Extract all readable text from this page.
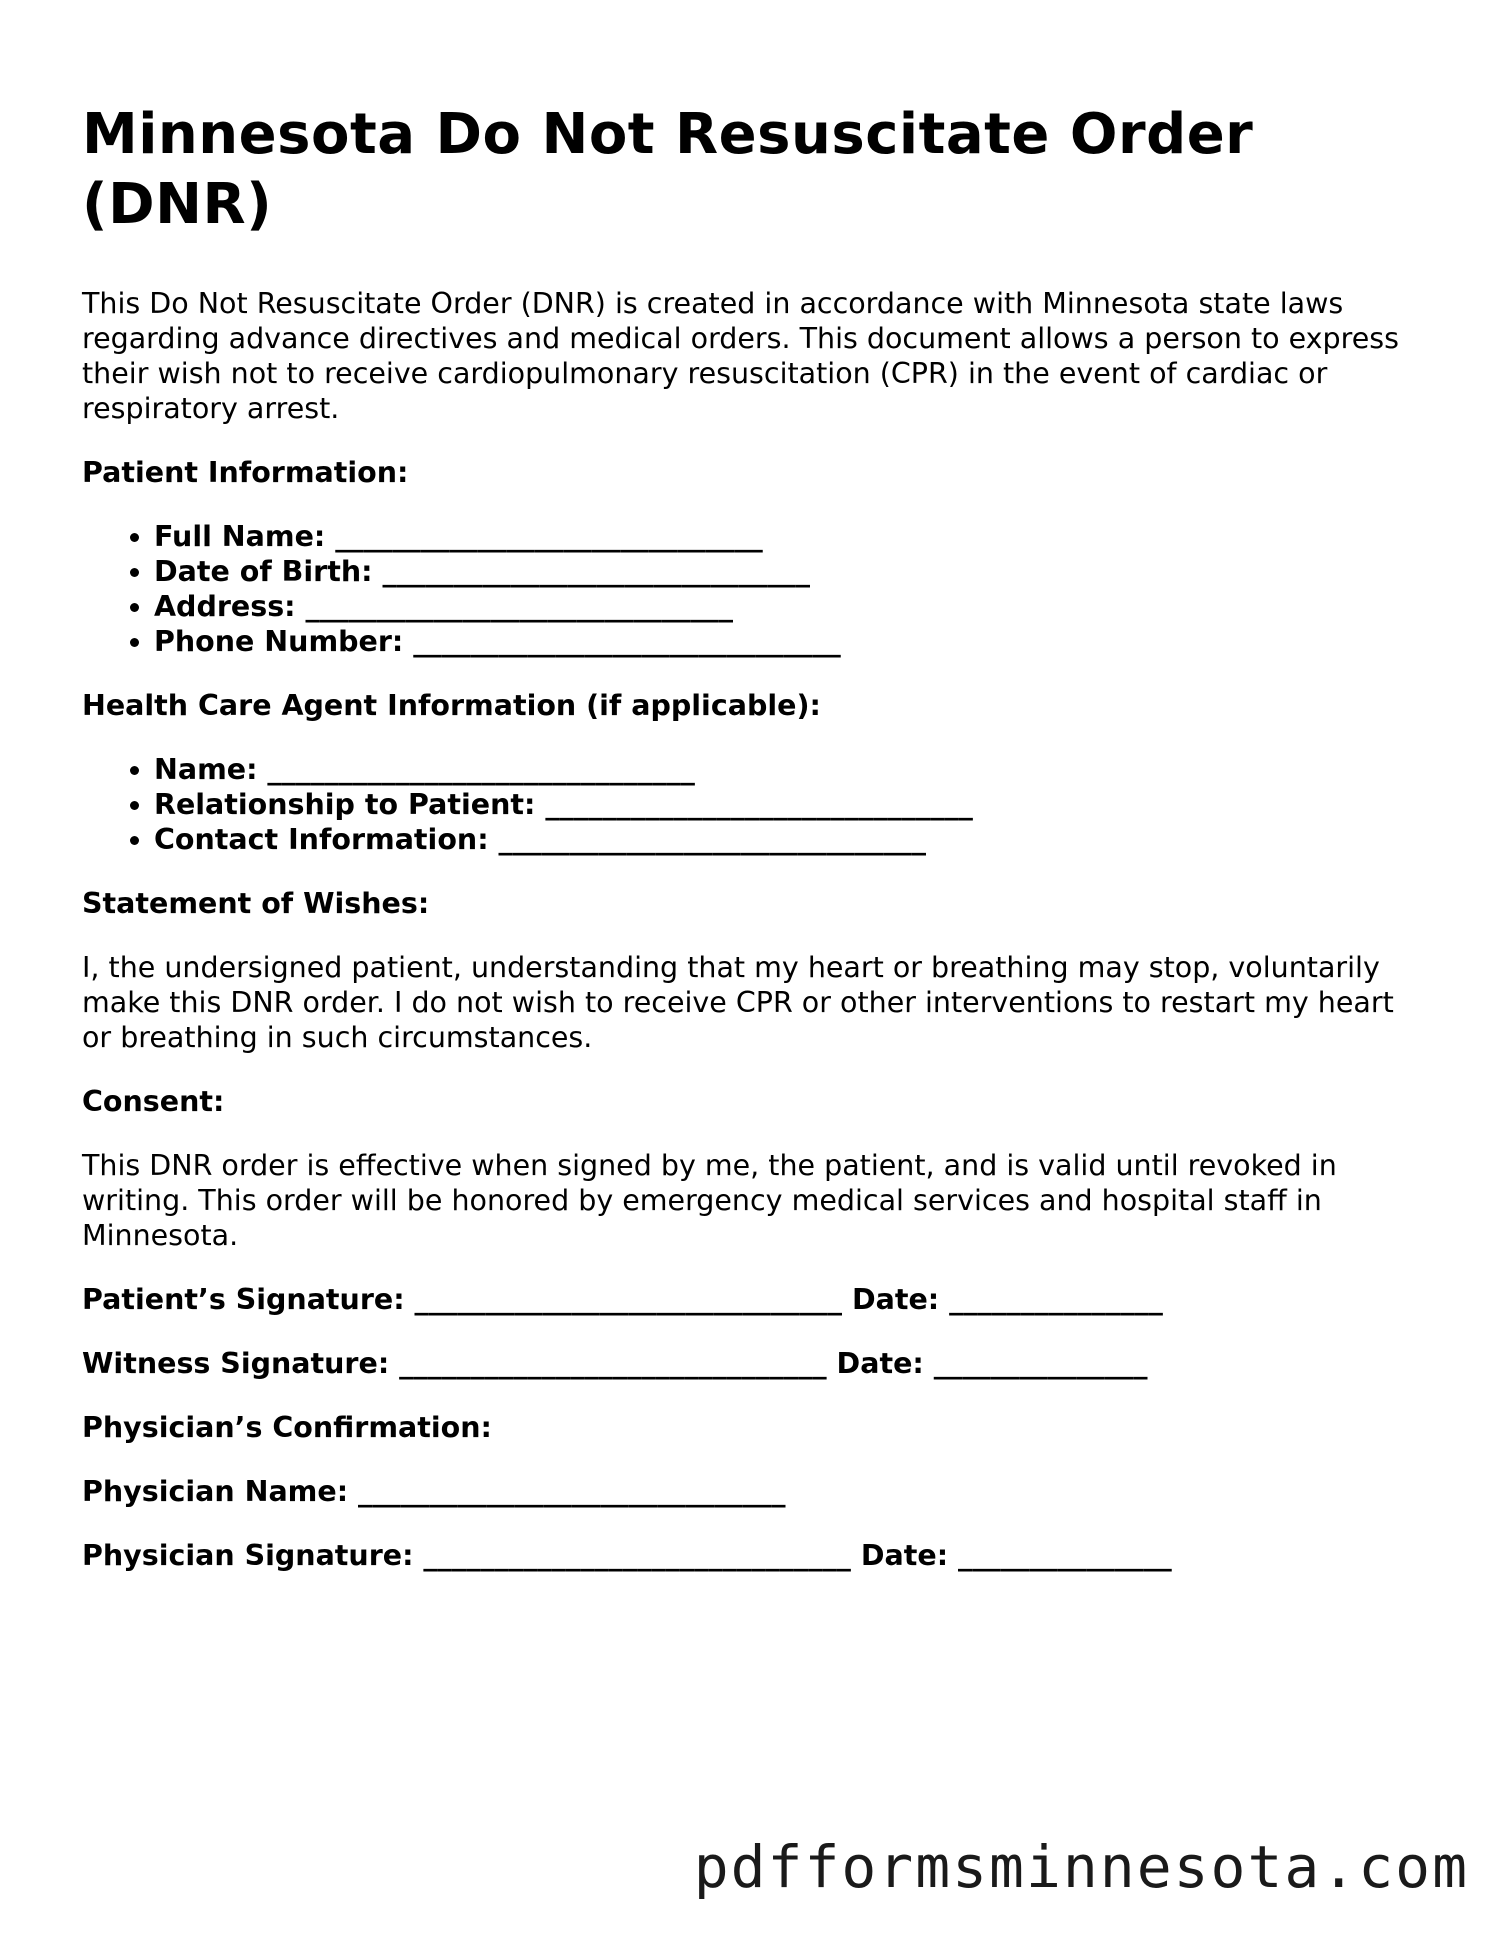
Minnesota Do Not Resuscitate Order (DNR)

This Do Not Resuscitate Order (DNR) is created in accordance with Minnesota state laws regarding advance directives and medical orders. This document allows a person to express their wish not to receive cardiopulmonary resuscitation (CPR) in the event of cardiac or respiratory arrest.

Patient Information:
• Full Name: ______________________________
• Date of Birth: ______________________________
• Address: ______________________________
• Phone Number: ______________________________
Health Care Agent Information (if applicable):
• Name: ______________________________
• Relationship to Patient: ______________________________
• Contact Information: ______________________________
Statement of Wishes:

I, the undersigned patient, understanding that my heart or breathing may stop, voluntarily make this DNR order. I do not wish to receive CPR or other interventions to restart my heart or breathing in such circumstances.

Consent:

This DNR order is effective when signed by me, the patient, and is valid until revoked in writing. This order will be honored by emergency medical services and hospital staff in Minnesota.

Patient’s Signature: ______________________________ Date: _______________
Witness Signature: ______________________________ Date: _______________
Physician’s Confirmation:
Physician Name: ______________________________
Physician Signature: ______________________________ Date: _______________
pdfformsminnesota.com
